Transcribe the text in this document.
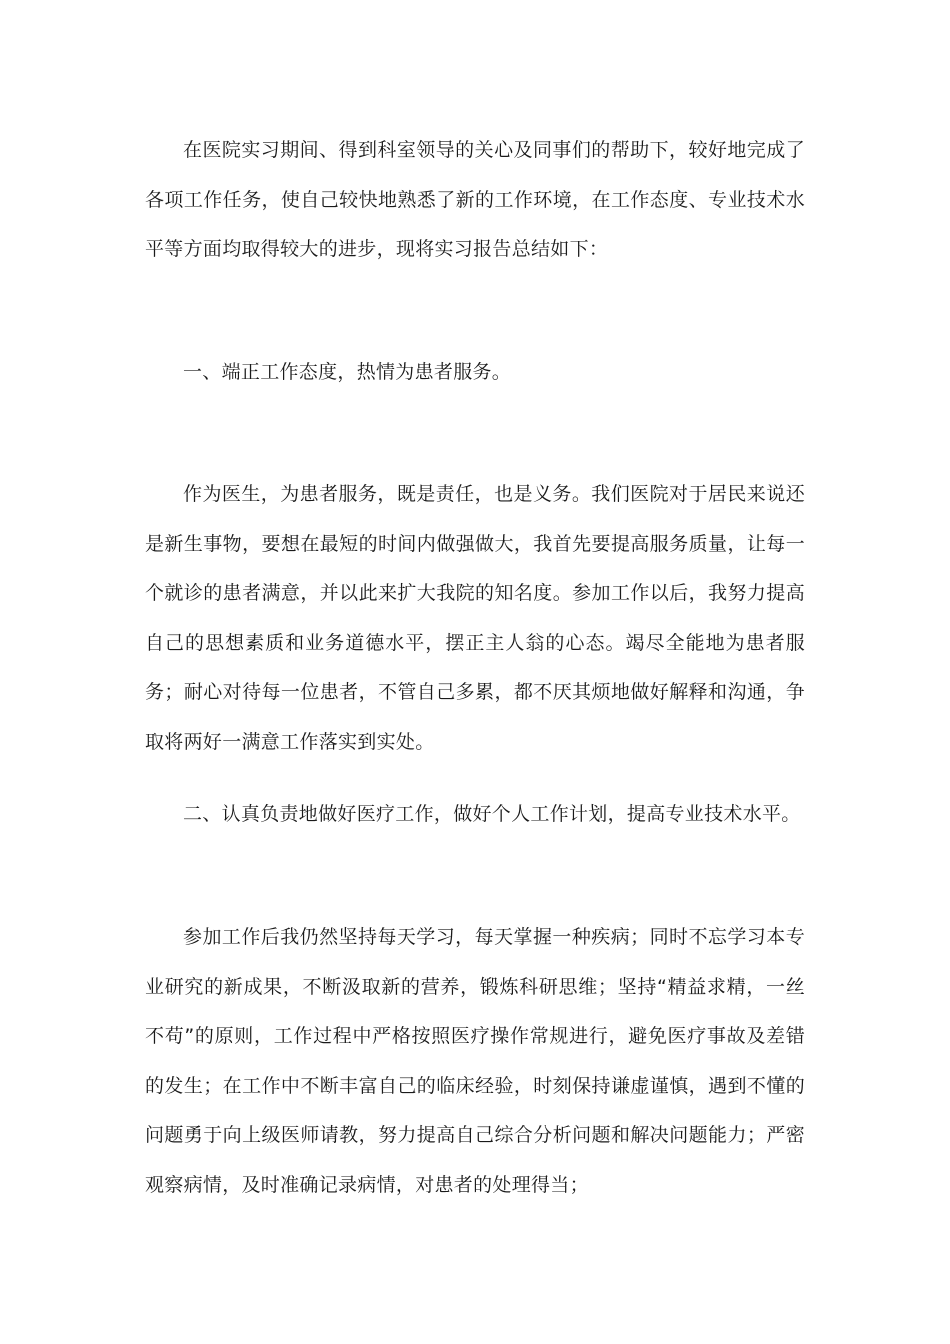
在医院实习期间、得到科室领导的关心及同事们的帮助下，较好地完成了各项工作任务，使自己较快地熟悉了新的工作环境，在工作态度、专业技术水平等方面均取得较大的进步，现将实习报告总结如下：

一、端正工作态度，热情为患者服务。

作为医生，为患者服务，既是责任，也是义务。我们医院对于居民来说还是新生事物，要想在最短的时间内做强做大，我首先要提高服务质量，让每一个就诊的患者满意，并以此来扩大我院的知名度。参加工作以后，我努力提高自己的思想素质和业务道德水平，摆正主人翁的心态。竭尽全能地为患者服务；耐心对待每一位患者，不管自己多累，都不厌其烦地做好解释和沟通，争取将两好一满意工作落实到实处。

二、认真负责地做好医疗工作，做好个人工作计划，提高专业技术水平。

参加工作后我仍然坚持每天学习，每天掌握一种疾病；同时不忘学习本专业研究的新成果，不断汲取新的营养，锻炼科研思维；坚持“精益求精，一丝不苟”的原则，工作过程中严格按照医疗操作常规进行，避免医疗事故及差错的发生；在工作中不断丰富自己的临床经验，时刻保持谦虚谨慎，遇到不懂的问题勇于向上级医师请教，努力提高自己综合分析问题和解决问题能力；严密观察病情，及时准确记录病情，对患者的处理得当；
